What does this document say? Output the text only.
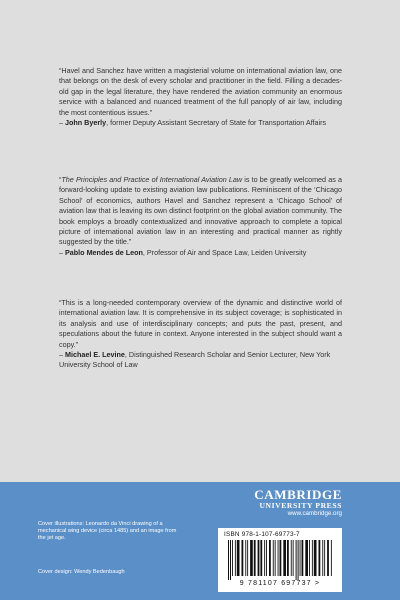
“Havel and Sanchez have written a magisterial volume on international aviation law, one that belongs on the desk of every scholar and practitioner in the field. Filling a decades-old gap in the legal literature, they have rendered the aviation community an enormous service with a balanced and nuanced treatment of the full panoply of air law, including the most contentious issues.”

– John Byerly, former Deputy Assistant Secretary of State for Transportation Affairs

“The Principles and Practice of International Aviation Law is to be greatly welcomed as a forward-looking update to existing aviation law publications. Reminiscent of the ‘Chicago School’ of economics, authors Havel and Sanchez represent a ‘Chicago School’ of aviation law that is leaving its own distinct footprint on the global aviation community. The book employs a broadly contextualized and innovative approach to complete a topical picture of international aviation law in an interesting and practical manner as rightly suggested by the title.”

– Pablo Mendes de Leon, Professor of Air and Space Law, Leiden University

“This is a long-needed contemporary overview of the dynamic and distinctive world of international aviation law. It is comprehensive in its subject coverage; is sophisticated in its analysis and use of interdisciplinary concepts; and puts the past, present, and speculations about the future in context. Anyone interested in the subject should want a copy.”

– Michael E. Levine, Distinguished Research Scholar and Senior Lecturer, New York University School of Law

CAMBRIDGE
UNIVERSITY PRESS
www.cambridge.org
Cover illustrations: Leonardo da Vinci drawing of a mechanical wing device (circa 1485) and an image from the jet age.
Cover design: Wendy Bedenbaugh
ISBN 978-1-107-69773-7
9 781107 697737 >
